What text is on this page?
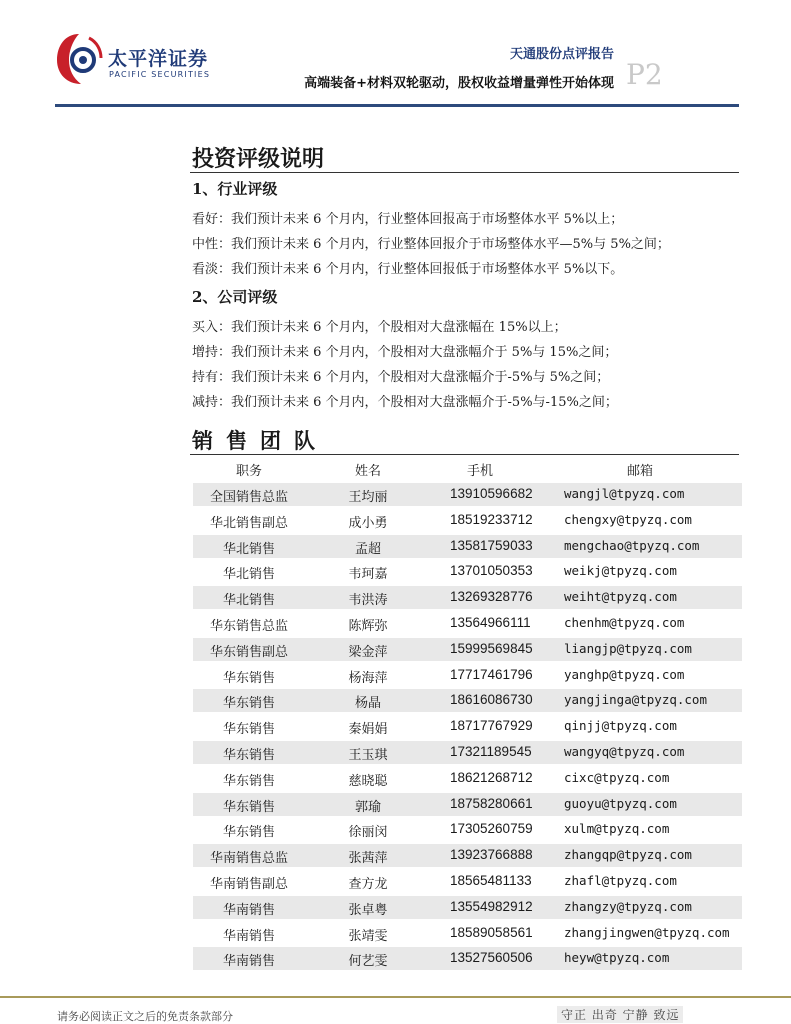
太平洋证券
PACIFIC SECURITIES
天通股份点评报告
高端装备+材料双轮驱动，股权收益增量弹性开始体现 P2
投资评级说明
1、行业评级
看好：我们预计未来 6 个月内，行业整体回报高于市场整体水平 5%以上；
中性：我们预计未来 6 个月内，行业整体回报介于市场整体水平—5%与 5%之间；
看淡：我们预计未来 6 个月内，行业整体回报低于市场整体水平 5%以下。
2、公司评级
买入：我们预计未来 6 个月内，个股相对大盘涨幅在 15%以上；
增持：我们预计未来 6 个月内，个股相对大盘涨幅介于 5%与 15%之间；
持有：我们预计未来 6 个月内，个股相对大盘涨幅介于-5%与 5%之间；
减持：我们预计未来 6 个月内，个股相对大盘涨幅介于-5%与-15%之间；
销售团队
职务	姓名	手机	邮箱
全国销售总监	王均丽	13910596682	wangjl@tpyzq.com
华北销售副总	成小勇	18519233712	chengxy@tpyzq.com
华北销售	孟超	13581759033	mengchao@tpyzq.com
华北销售	韦珂嘉	13701050353	weikj@tpyzq.com
华北销售	韦洪涛	13269328776	weiht@tpyzq.com
华东销售总监	陈辉弥	13564966111	chenhm@tpyzq.com
华东销售副总	梁金萍	15999569845	liangjp@tpyzq.com
华东销售	杨海萍	17717461796	yanghp@tpyzq.com
华东销售	杨晶	18616086730	yangjinga@tpyzq.com
华东销售	秦娟娟	18717767929	qinjj@tpyzq.com
华东销售	王玉琪	17321189545	wangyq@tpyzq.com
华东销售	慈晓聪	18621268712	cixc@tpyzq.com
华东销售	郭瑜	18758280661	guoyu@tpyzq.com
华东销售	徐丽闵	17305260759	xulm@tpyzq.com
华南销售总监	张茜萍	13923766888	zhangqp@tpyzq.com
华南销售副总	查方龙	18565481133	zhafl@tpyzq.com
华南销售	张卓粤	13554982912	zhangzy@tpyzq.com
华南销售	张靖雯	18589058561	zhangjingwen@tpyzq.com
华南销售	何艺雯	13527560506	heyw@tpyzq.com
请务必阅读正文之后的免责条款部分	守正 出奇 宁静 致远
